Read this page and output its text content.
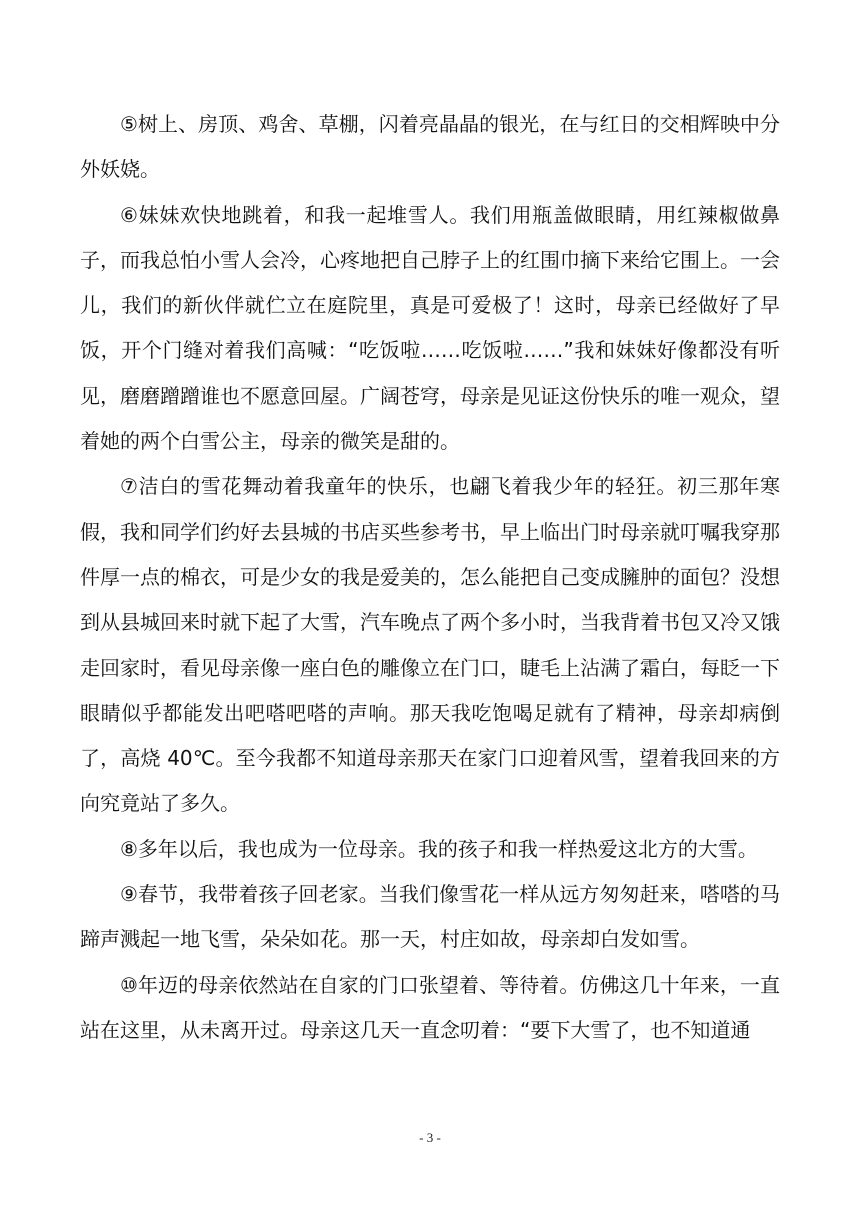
⑤树上、房顶、鸡舍、草棚，闪着亮晶晶的银光，在与红日的交相辉映中分外妖娆。

⑥妹妹欢快地跳着，和我一起堆雪人。我们用瓶盖做眼睛，用红辣椒做鼻子，而我总怕小雪人会冷，心疼地把自己脖子上的红围巾摘下来给它围上。一会儿，我们的新伙伴就伫立在庭院里，真是可爱极了！这时，母亲已经做好了早饭，开个门缝对着我们高喊：“吃饭啦……吃饭啦……”我和妹妹好像都没有听见，磨磨蹭蹭谁也不愿意回屋。广阔苍穹，母亲是见证这份快乐的唯一观众，望着她的两个白雪公主，母亲的微笑是甜的。

⑦洁白的雪花舞动着我童年的快乐，也翩飞着我少年的轻狂。初三那年寒假，我和同学们约好去县城的书店买些参考书，早上临出门时母亲就叮嘱我穿那件厚一点的棉衣，可是少女的我是爱美的，怎么能把自己变成臃肿的面包？没想到从县城回来时就下起了大雪，汽车晚点了两个多小时，当我背着书包又冷又饿走回家时，看见母亲像一座白色的雕像立在门口，睫毛上沾满了霜白，每眨一下眼睛似乎都能发出吧嗒吧嗒的声响。那天我吃饱喝足就有了精神，母亲却病倒了，高烧 40℃。至今我都不知道母亲那天在家门口迎着风雪，望着我回来的方向究竟站了多久。

⑧多年以后，我也成为一位母亲。我的孩子和我一样热爱这北方的大雪。

⑨春节，我带着孩子回老家。当我们像雪花一样从远方匆匆赶来，嗒嗒的马蹄声溅起一地飞雪，朵朵如花。那一天，村庄如故，母亲却白发如雪。

⑩年迈的母亲依然站在自家的门口张望着、等待着。仿佛这几十年来，一直站在这里，从未离开过。母亲这几天一直念叨着：“要下大雪了，也不知道通

- 3 -
